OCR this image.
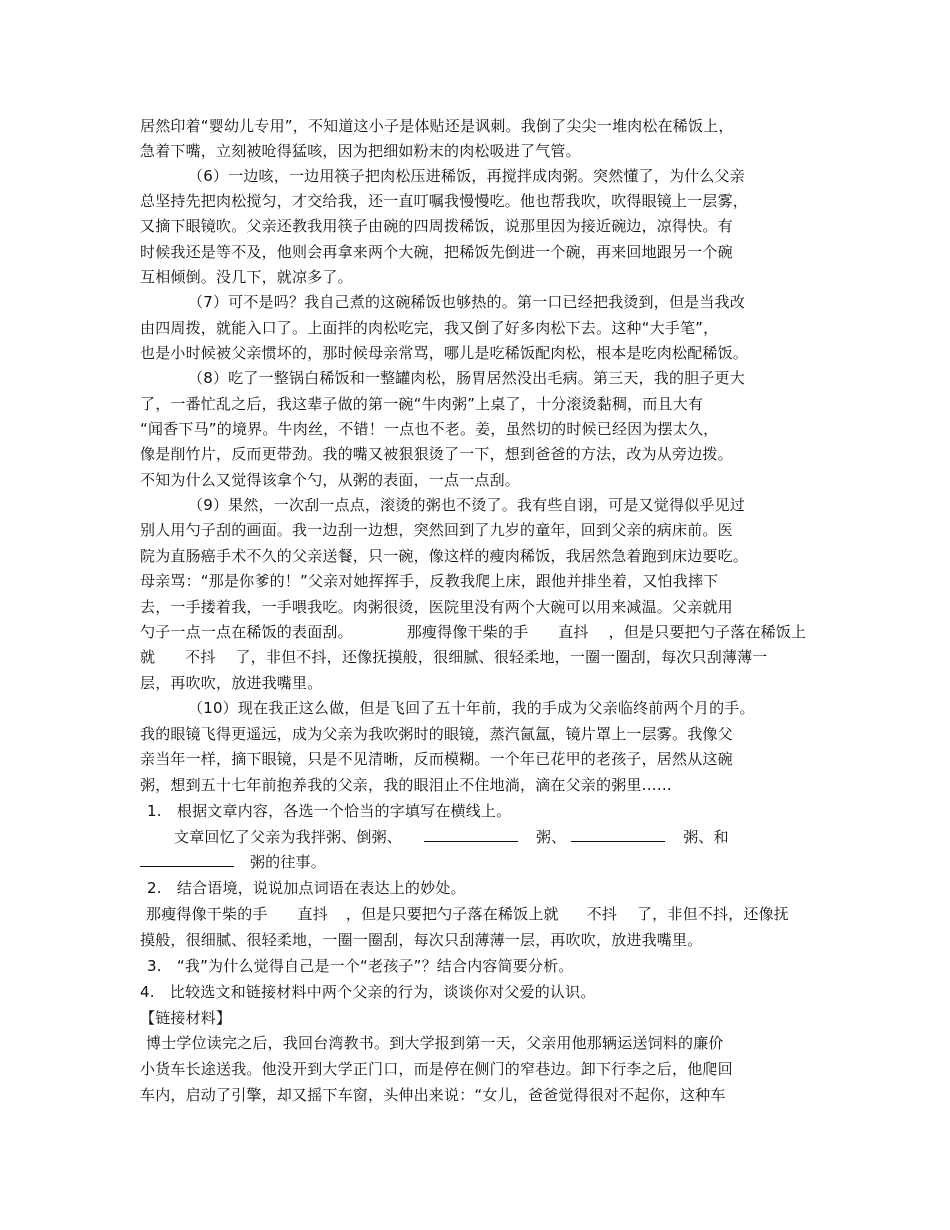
居然印着“婴幼儿专用”，不知道这小子是体贴还是讽刺。我倒了尖尖一堆肉松在稀饭上，
急着下嘴，立刻被呛得猛咳，因为把细如粉末的肉松吸进了气管。
（6）一边咳，一边用筷子把肉松压进稀饭，再搅拌成肉粥。突然懂了，为什么父亲
总坚持先把肉松搅匀，才交给我，还一直叮嘱我慢慢吃。他也帮我吹，吹得眼镜上一层雾，
又摘下眼镜吹。父亲还教我用筷子由碗的四周拨稀饭，说那里因为接近碗边，凉得快。有
时候我还是等不及，他则会再拿来两个大碗，把稀饭先倒进一个碗，再来回地跟另一个碗
互相倾倒。没几下，就凉多了。
（7）可不是吗？我自己煮的这碗稀饭也够热的。第一口已经把我烫到，但是当我改
由四周拨，就能入口了。上面拌的肉松吃完，我又倒了好多肉松下去。这种“大手笔”，
也是小时候被父亲惯坏的，那时候母亲常骂，哪儿是吃稀饭配肉松，根本是吃肉松配稀饭。
（8）吃了一整锅白稀饭和一整罐肉松，肠胃居然没出毛病。第三天，我的胆子更大
了，一番忙乱之后，我这辈子做的第一碗“牛肉粥”上桌了，十分滚烫黏稠，而且大有
“闻香下马”的境界。牛肉丝，不错！一点也不老。姜，虽然切的时候已经因为摆太久，
像是削竹片，反而更带劲。我的嘴又被狠狠烫了一下，想到爸爸的方法，改为从旁边拨。
不知为什么又觉得该拿个勺，从粥的表面，一点一点刮。
（9）果然，一次刮一点点，滚烫的粥也不烫了。我有些自诩，可是又觉得似乎见过
别人用勺子刮的画面。我一边刮一边想，突然回到了九岁的童年，回到父亲的病床前。医
院为直肠癌手术不久的父亲送餐，只一碗，像这样的瘦肉稀饭，我居然急着跑到床边要吃。
母亲骂：“那是你爹的！”父亲对她挥挥手，反教我爬上床，跟他并排坐着，又怕我摔下
去，一手搂着我，一手喂我吃。肉粥很烫，医院里没有两个大碗可以用来减温。父亲就用
勺子一点一点在稀饭的表面刮。	那瘦得像干柴的手 直抖 ，但是只要把勺子落在稀饭上
就 不抖 了，非但不抖，还像抚摸般，很细腻、很轻柔地，一圈一圈刮，每次只刮薄薄一
层，再吹吹，放进我嘴里。
（10）现在我正这么做，但是飞回了五十年前，我的手成为父亲临终前两个月的手。
我的眼镜飞得更遥远，成为父亲为我吹粥时的眼镜，蒸汽氤氲，镜片罩上一层雾。我像父
亲当年一样，摘下眼镜，只是不见清晰，反而模糊。一个年已花甲的老孩子，居然从这碗
粥，想到五十七年前抱养我的父亲，我的眼泪止不住地淌，滴在父亲的粥里……
1.　根据文章内容，各选一个恰当的字填写在横线上。
文章回忆了父亲为我拌粥、倒粥、	粥、	粥、和
粥的往事。
2.　结合语境，说说加点词语在表达上的妙处。
那瘦得像干柴的手 直抖 ，但是只要把勺子落在稀饭上就 不抖 了，非但不抖，还像抚
摸般，很细腻、很轻柔地，一圈一圈刮，每次只刮薄薄一层，再吹吹，放进我嘴里。
3.　“我”为什么觉得自己是一个“老孩子”？结合内容简要分析。
4.　比较选文和链接材料中两个父亲的行为，谈谈你对父爱的认识。
【链接材料】
博士学位读完之后，我回台湾教书。到大学报到第一天，父亲用他那辆运送饲料的廉价
小货车长途送我。他没开到大学正门口，而是停在侧门的窄巷边。卸下行李之后，他爬回
车内，启动了引擎，却又摇下车窗，头伸出来说：“女儿，爸爸觉得很对不起你，这种车
